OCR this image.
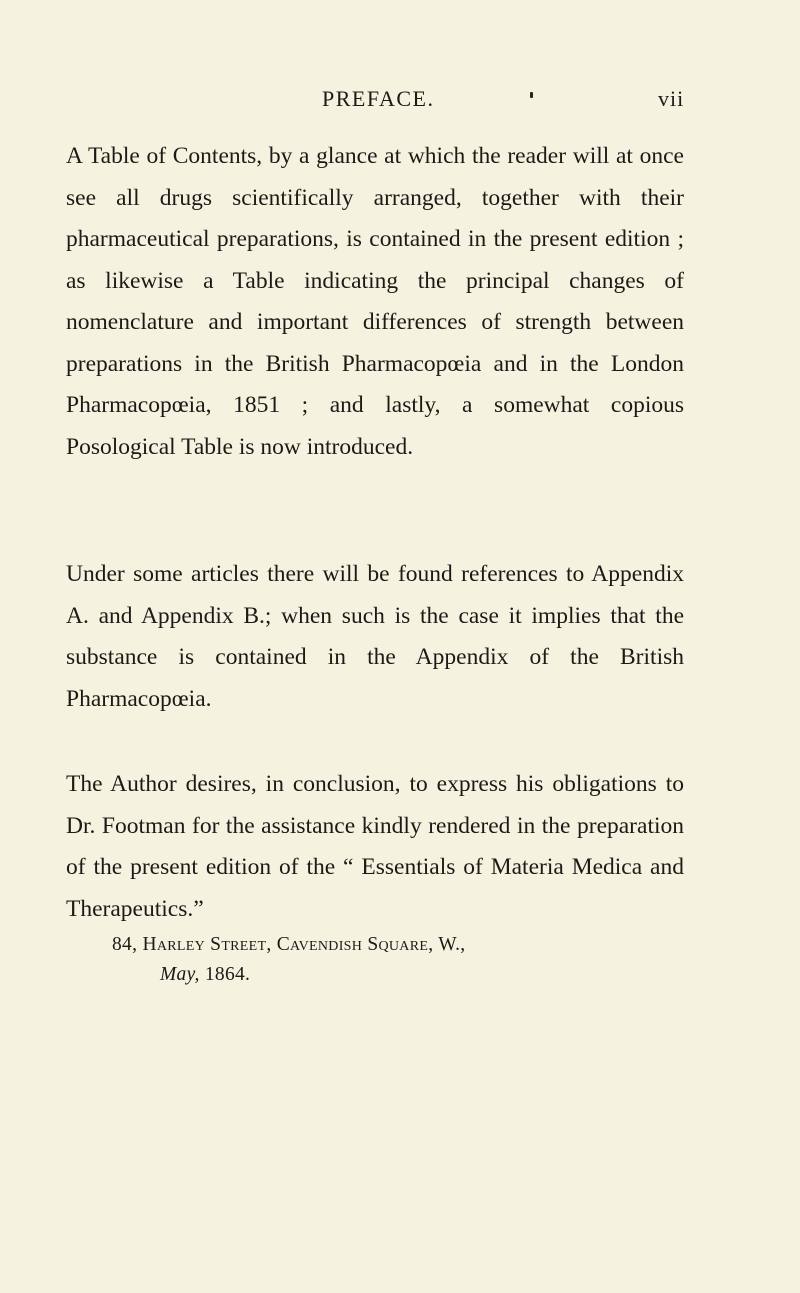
PREFACE.	vii

A Table of Contents, by a glance at which the reader will at once see all drugs scientifically arranged, together with their pharmaceutical preparations, is contained in the present edition ; as likewise a Table indicating the principal changes of nomenclature and important differences of strength between preparations in the British Pharmacopœia and in the London Pharmacopœia, 1851 ; and lastly, a somewhat copious Posological Table is now introduced.

Under some articles there will be found references to Appendix A. and Appendix B.; when such is the case it implies that the substance is contained in the Appendix of the British Pharmacopœia.

The Author desires, in conclusion, to express his obligations to Dr. Footman for the assistance kindly rendered in the preparation of the present edition of the “ Essentials of Materia Medica and Therapeutics.”

84, Harley Street, Cavendish Square, W.,
May, 1864.
